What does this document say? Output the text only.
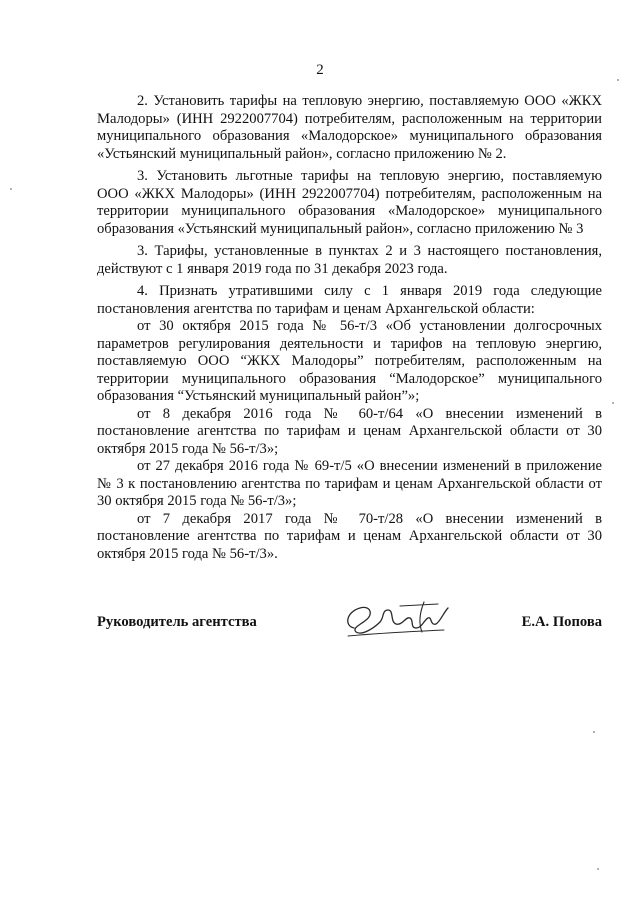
2

2. Установить тарифы на тепловую энергию, поставляемую ООО «ЖКХ Малодоры» (ИНН 2922007704) потребителям, расположенным на территории муниципального образования «Малодорское» муниципального образования «Устьянский муниципальный район», согласно приложению № 2.

3. Установить льготные тарифы на тепловую энергию, поставляемую ООО «ЖКХ Малодоры» (ИНН 2922007704) потребителям, расположенным на территории муниципального образования «Малодорское» муниципального образования «Устьянский муниципальный район», согласно приложению № 3

3. Тарифы, установленные в пунктах 2 и 3 настоящего постановления, действуют с 1 января 2019 года по 31 декабря 2023 года.

4. Признать утратившими силу с 1 января 2019 года следующие постановления агентства по тарифам и ценам Архангельской области:

от 30 октября 2015 года № 56-т/3 «Об установлении долгосрочных параметров регулирования деятельности и тарифов на тепловую энергию, поставляемую ООО “ЖКХ Малодоры” потребителям, расположенным на территории муниципального образования “Малодорское” муниципального образования “Устьянский муниципальный район”»;

от 8 декабря 2016 года № 60-т/64 «О внесении изменений в постановление агентства по тарифам и ценам Архангельской области от 30 октября 2015 года № 56-т/3»;

от 27 декабря 2016 года № 69-т/5 «О внесении изменений в приложение № 3 к постановлению агентства по тарифам и ценам Архангельской области от 30 октября 2015 года № 56-т/3»;

от 7 декабря 2017 года № 70-т/28 «О внесении изменений в постановление агентства по тарифам и ценам Архангельской области от 30 октября 2015 года № 56-т/3».

Руководитель агентства	Е.А. Попова
